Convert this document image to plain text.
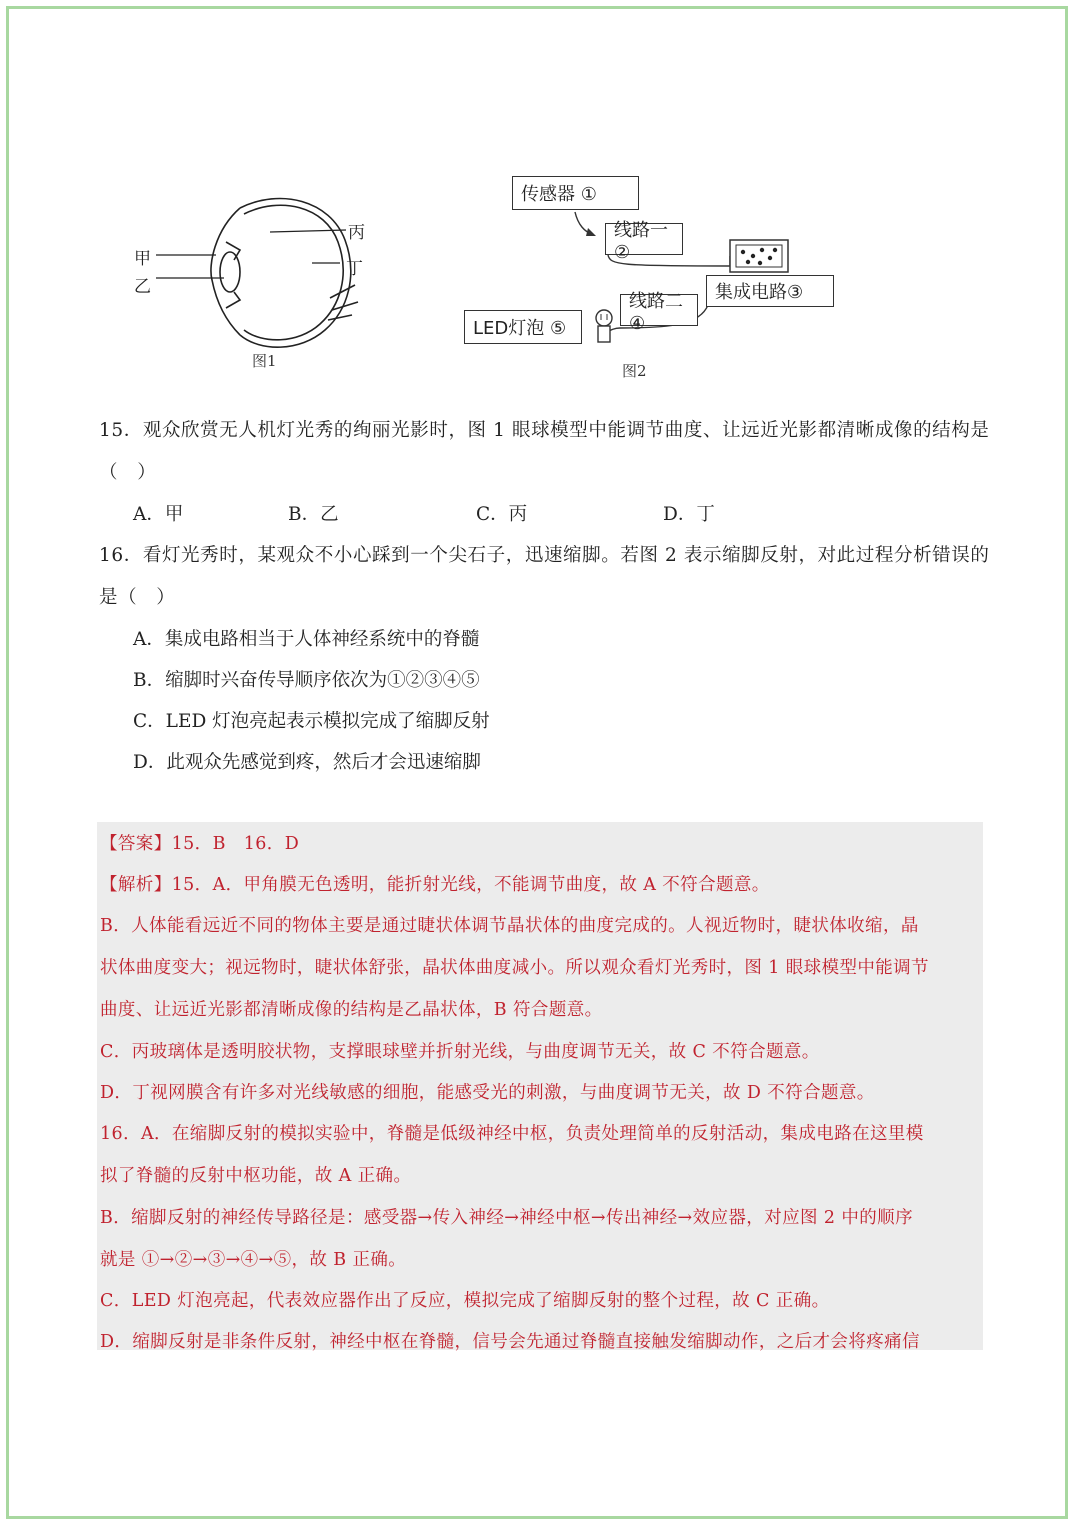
甲
乙
丙
丁
图1
传感器 ①
线路一②
集成电路③
线路二④
LED灯泡 ⑤
图2
15．观众欣赏无人机灯光秀的绚丽光影时，图 1 眼球模型中能调节曲度、让远近光影都清晰成像的结构是
（　）
A．甲	B．乙	C．丙	D．丁
16．看灯光秀时，某观众不小心踩到一个尖石子，迅速缩脚。若图 2 表示缩脚反射，对此过程分析错误的
是（　）
A．集成电路相当于人体神经系统中的脊髓
B．缩脚时兴奋传导顺序依次为①②③④⑤
C．LED 灯泡亮起表示模拟完成了缩脚反射
D．此观众先感觉到疼，然后才会迅速缩脚
【答案】15．B　16．D
【解析】15．A．甲角膜无色透明，能折射光线，不能调节曲度，故 A 不符合题意。
B．人体能看远近不同的物体主要是通过睫状体调节晶状体的曲度完成的。人视近物时，睫状体收缩，晶
状体曲度变大；视远物时，睫状体舒张，晶状体曲度减小。所以观众看灯光秀时，图 1 眼球模型中能调节
曲度、让远近光影都清晰成像的结构是乙晶状体，B 符合题意。
C．丙玻璃体是透明胶状物，支撑眼球壁并折射光线，与曲度调节无关，故 C 不符合题意。
D．丁视网膜含有许多对光线敏感的细胞，能感受光的刺激，与曲度调节无关，故 D 不符合题意。
16．A．在缩脚反射的模拟实验中，脊髓是低级神经中枢，负责处理简单的反射活动，集成电路在这里模
拟了脊髓的反射中枢功能，故 A 正确。
B．缩脚反射的神经传导路径是：感受器→传入神经→神经中枢→传出神经→效应器，对应图 2 中的顺序
就是 ①→②→③→④→⑤，故 B 正确。
C．LED 灯泡亮起，代表效应器作出了反应，模拟完成了缩脚反射的整个过程，故 C 正确。
D．缩脚反射是非条件反射，神经中枢在脊髓，信号会先通过脊髓直接触发缩脚动作，之后才会将疼痛信
